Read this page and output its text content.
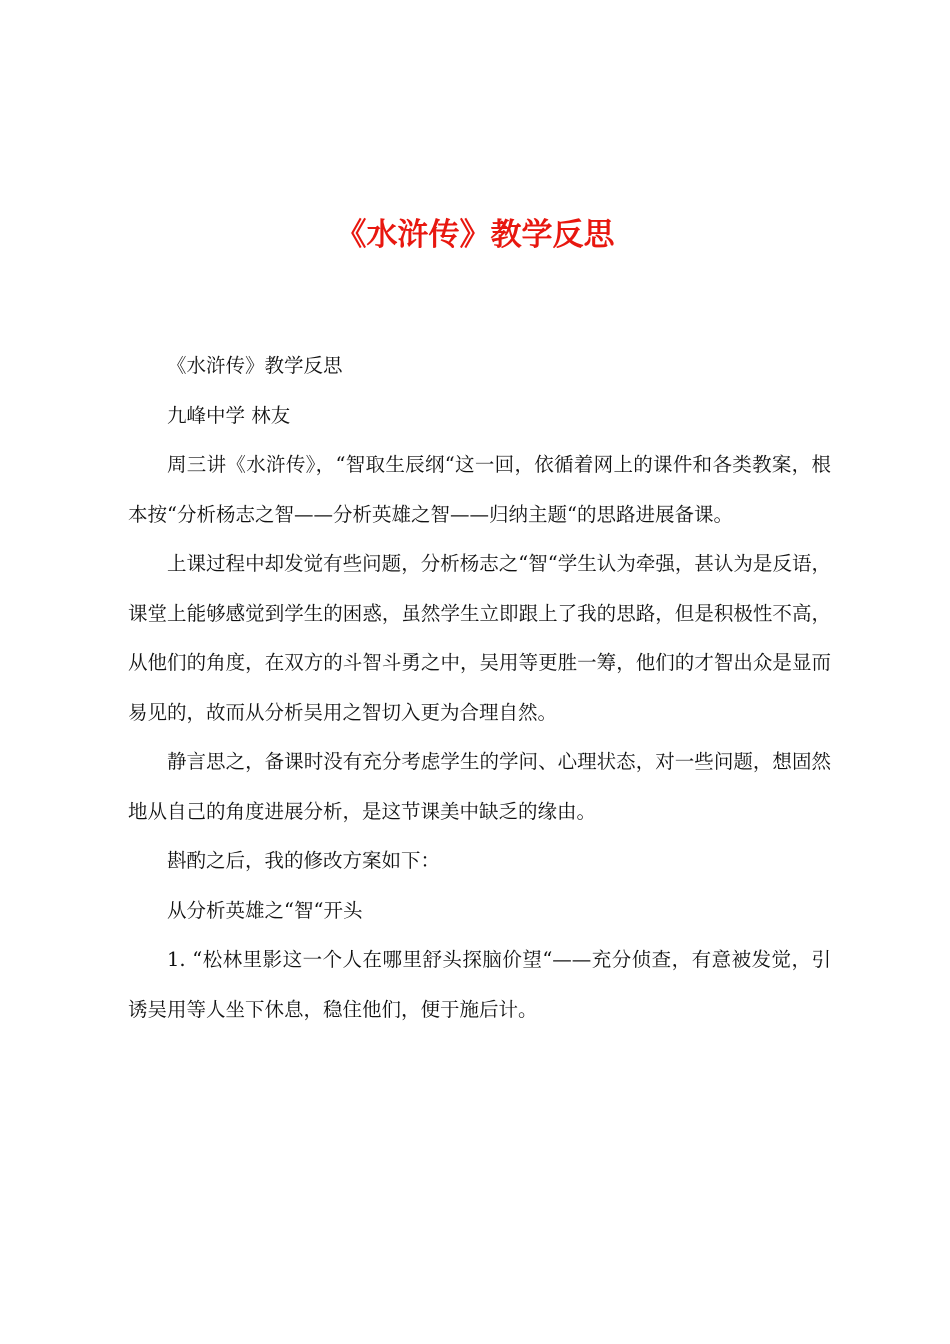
《水浒传》教学反思

《水浒传》教学反思

九峰中学 林友

周三讲《水浒传》，“智取生辰纲“这一回，依循着网上的课件和各类教案，根本按“分析杨志之智——分析英雄之智——归纳主题“的思路进展备课。

上课过程中却发觉有些问题，分析杨志之“智“学生认为牵强，甚认为是反语，课堂上能够感觉到学生的困惑，虽然学生立即跟上了我的思路，但是积极性不高，从他们的角度，在双方的斗智斗勇之中，吴用等更胜一筹，他们的才智出众是显而易见的，故而从分析吴用之智切入更为合理自然。

静言思之，备课时没有充分考虑学生的学问、心理状态，对一些问题，想固然地从自己的角度进展分析，是这节课美中缺乏的缘由。

斟酌之后，我的修改方案如下：

从分析英雄之“智“开头

1. “松林里影这一个人在哪里舒头探脑价望“——充分侦查，有意被发觉，引诱吴用等人坐下休息，稳住他们，便于施后计。
